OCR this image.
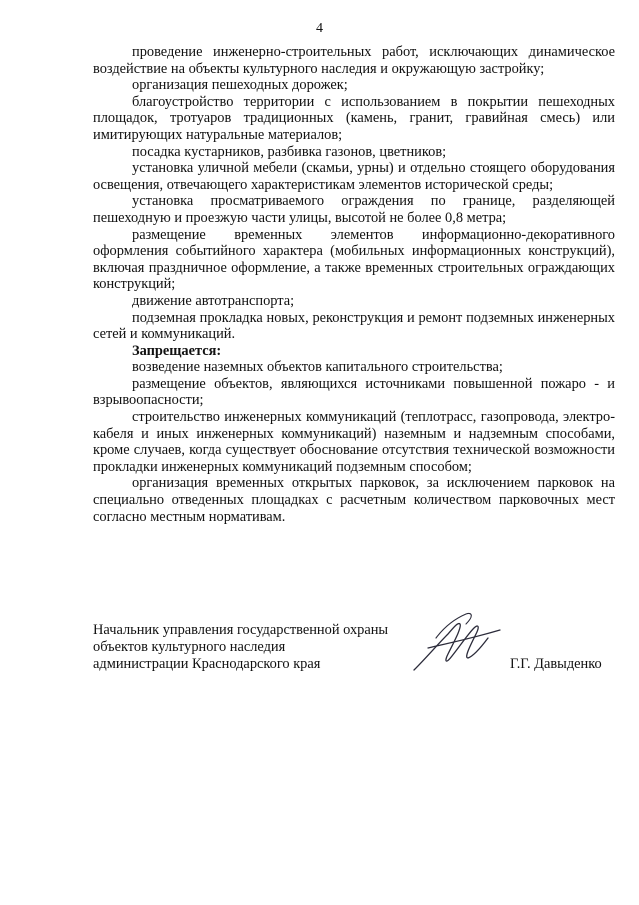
4

проведение инженерно-строительных работ, исключающих динамическое воздействие на объекты культурного наследия и окружающую застройку;

организация пешеходных дорожек;

благоустройство территории с использованием в покрытии пешеходных площадок, тротуаров традиционных (камень, гранит, гравийная смесь) или имитирующих натуральные материалов;

посадка кустарников, разбивка газонов, цветников;

установка уличной мебели (скамьи, урны) и отдельно стоящего оборудования освещения, отвечающего характеристикам элементов исторической среды;

установка просматриваемого ограждения по границе, разделяющей пешеходную и проезжую части улицы, высотой не более 0,8 метра;

размещение временных элементов информационно-декоративного оформления событийного характера (мобильных информационных конструкций), включая праздничное оформление, а также временных строительных ограждающих конструкций;

движение автотранспорта;

подземная прокладка новых, реконструкция и ремонт подземных инженерных сетей и коммуникаций.

Запрещается:

возведение наземных объектов капитального строительства;

размещение объектов, являющихся источниками повышенной пожаро - и взрывоопасности;

строительство инженерных коммуникаций (теплотрасс, газопровода, электро-кабеля и иных инженерных коммуникаций) наземным и надземным способами, кроме случаев, когда существует обоснование отсутствия технической возможности прокладки инженерных коммуникаций подземным способом;

организация временных открытых парковок, за исключением парковок на специально отведенных площадках с расчетным количеством парковочных мест согласно местным нормативам.

Начальник управления государственной охраны
объектов культурного наследия
администрации Краснодарского края	Г.Г. Давыденко
